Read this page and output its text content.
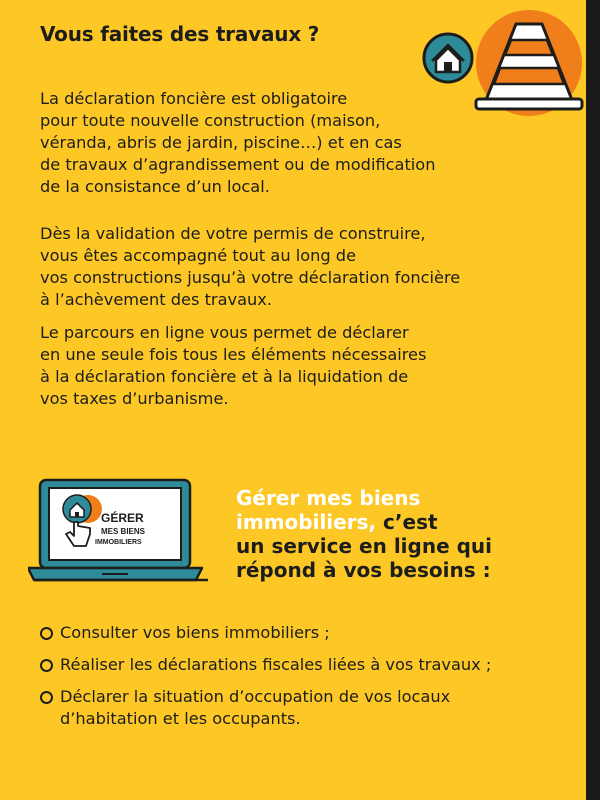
Vous faites des travaux ?

La déclaration foncière est obligatoire
pour toute nouvelle construction (maison,
véranda, abris de jardin, piscine…) et en cas
de travaux d’agrandissement ou de modification
de la consistance d’un local.

Dès la validation de votre permis de construire,
vous êtes accompagné tout au long de
vos constructions jusqu’à votre déclaration foncière
à l’achèvement des travaux.

Le parcours en ligne vous permet de déclarer
en une seule fois tous les éléments nécessaires
à la déclaration foncière et à la liquidation de
vos taxes d’urbanisme.

GÉRER
MES BIENS
IMMOBILIERS
Gérer mes biens
immobiliers, c’est
un service en ligne qui
répond à vos besoins :
Consulter vos biens immobiliers ;
Réaliser les déclarations fiscales liées à vos travaux ;
Déclarer la situation d’occupation de vos locaux
d’habitation et les occupants.
